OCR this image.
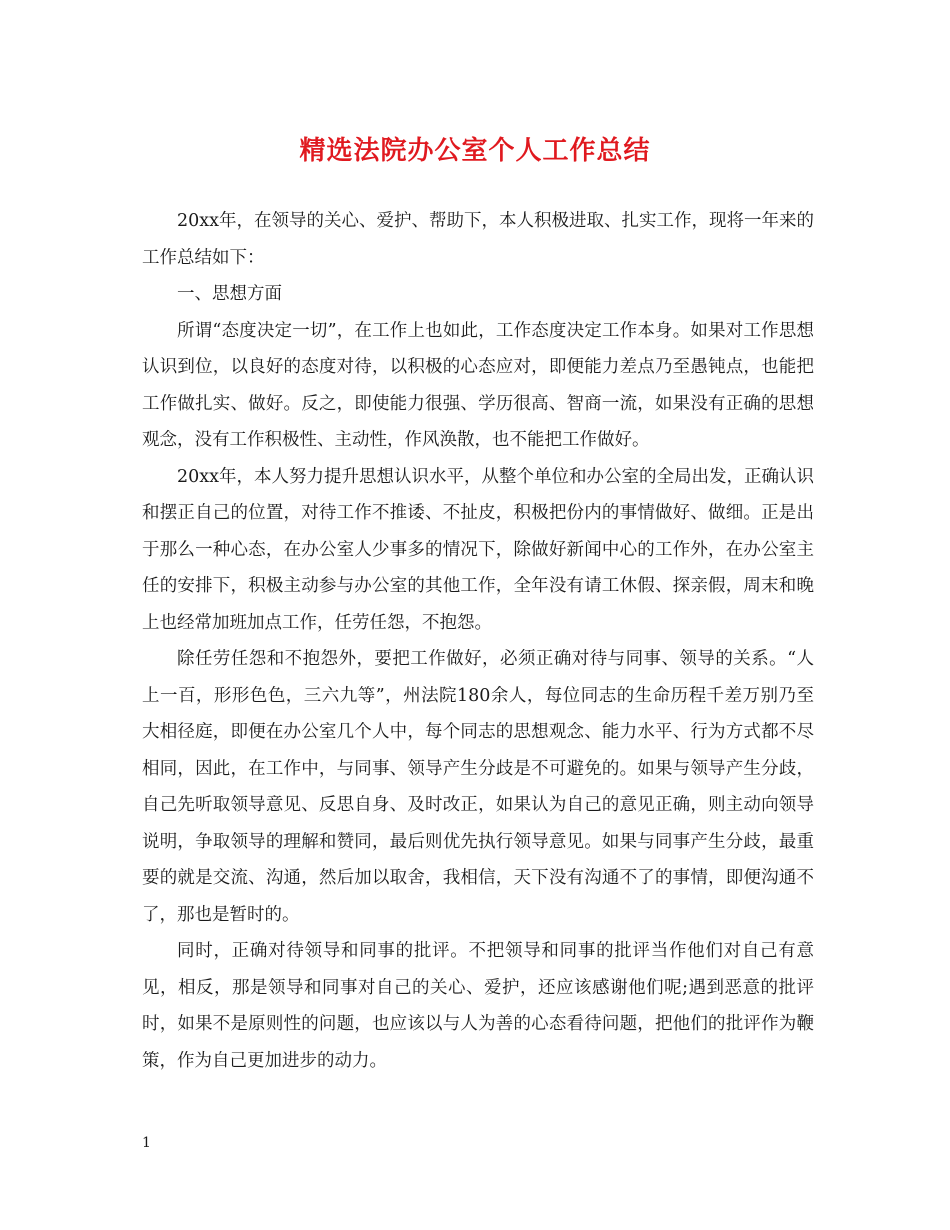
精选法院办公室个人工作总结

20xx年，在领导的关心、爱护、帮助下，本人积极进取、扎实工作，现将一年来的工作总结如下：

一、思想方面

所谓“态度决定一切”，在工作上也如此，工作态度决定工作本身。如果对工作思想认识到位，以良好的态度对待，以积极的心态应对，即便能力差点乃至愚钝点，也能把工作做扎实、做好。反之，即使能力很强、学历很高、智商一流，如果没有正确的思想观念，没有工作积极性、主动性，作风涣散，也不能把工作做好。

20xx年，本人努力提升思想认识水平，从整个单位和办公室的全局出发，正确认识和摆正自己的位置，对待工作不推诿、不扯皮，积极把份内的事情做好、做细。正是出于那么一种心态，在办公室人少事多的情况下，除做好新闻中心的工作外，在办公室主任的安排下，积极主动参与办公室的其他工作，全年没有请工休假、探亲假，周末和晚上也经常加班加点工作，任劳任怨，不抱怨。

除任劳任怨和不抱怨外，要把工作做好，必须正确对待与同事、领导的关系。“人上一百，形形色色，三六九等”，州法院180余人，每位同志的生命历程千差万别乃至大相径庭，即便在办公室几个人中，每个同志的思想观念、能力水平、行为方式都不尽相同，因此，在工作中，与同事、领导产生分歧是不可避免的。如果与领导产生分歧，自己先听取领导意见、反思自身、及时改正，如果认为自己的意见正确，则主动向领导说明，争取领导的理解和赞同，最后则优先执行领导意见。如果与同事产生分歧，最重要的就是交流、沟通，然后加以取舍，我相信，天下没有沟通不了的事情，即便沟通不了，那也是暂时的。

同时，正确对待领导和同事的批评。不把领导和同事的批评当作他们对自己有意见，相反，那是领导和同事对自己的关心、爱护，还应该感谢他们呢;遇到恶意的批评时，如果不是原则性的问题，也应该以与人为善的心态看待问题，把他们的批评作为鞭策，作为自己更加进步的动力。

1
